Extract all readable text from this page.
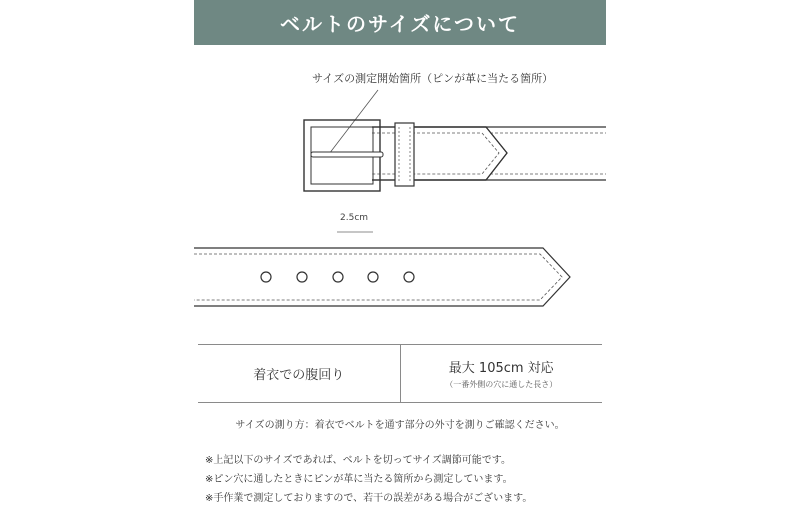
ベルトのサイズについて
サイズの測定開始箇所（ピンが革に当たる箇所）
2.5cm
着衣での腹回り	最大 105cm 対応
（一番外側の穴に通した長さ）
サイズの測り方：着衣でベルトを通す部分の外寸を測りご確認ください。
※上記以下のサイズであれば、ベルトを切ってサイズ調節可能です。
※ピン穴に通したときにピンが革に当たる箇所から測定しています。
※手作業で測定しておりますので、若干の誤差がある場合がございます。
